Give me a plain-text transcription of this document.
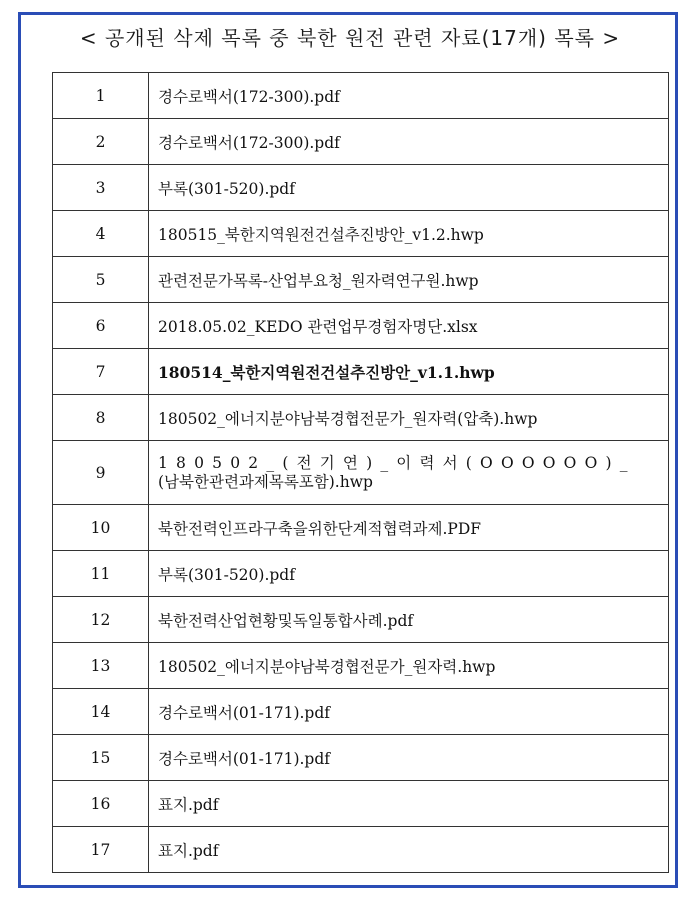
< 공개된 삭제 목록 중 북한 원전 관련 자료(17개) 목록 >
1	경수로백서(172-300).pdf
2	경수로백서(172-300).pdf
3	부록(301-520).pdf
4	180515_북한지역원전건설추진방안_v1.2.hwp
5	관련전문가목록-산업부요청_원자력연구원.hwp
6	2018.05.02_KEDO 관련업무경험자명단.xlsx
7	180514_북한지역원전건설추진방안_v1.1.hwp
8	180502_에너지분야남북경협전문가_원자력(압축).hwp
9	180502_(전기연)_이력서(OOOOOO)_
(남북한관련과제목록포함).hwp

10	북한전력인프라구축을위한단계적협력과제.PDF
11	부록(301-520).pdf
12	북한전력산업현황및독일통합사례.pdf
13	180502_에너지분야남북경협전문가_원자력.hwp
14	경수로백서(01-171).pdf
15	경수로백서(01-171).pdf
16	표지.pdf
17	표지.pdf
